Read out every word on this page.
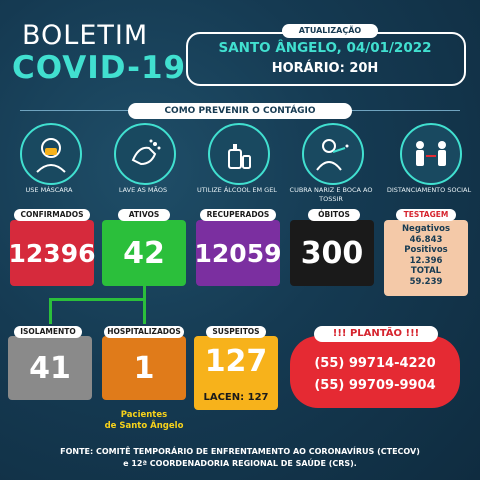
BOLETIM
COVID-19
ATUALIZAÇÃO
SANTO ÂNGELO, 04/01/2022
HORÁRIO: 20H
COMO PREVENIR O CONTÁGIO
USE MÁSCARA	LAVE AS MÃOS	UTILIZE ÁLCOOL EM GEL	CUBRA NARIZ E BOCA AO TOSSIR
DISTANCIAMENTO SOCIAL
12396
CONFIRMADOS
42
ATIVOS
12059
RECUPERADOS
300
ÓBITOS
Negativos
46.843
Positivos
12.396
TOTAL
59.239
TESTAGEM
41
ISOLAMENTO
1
HOSPITALIZADOS
Pacientes
de Santo Ângelo
127
LACEN: 127
SUSPEITOS
(55) 99714-4220
(55) 99709-9904
!!! PLANTÃO !!!
FONTE: COMITÊ TEMPORÁRIO DE ENFRENTAMENTO AO CORONAVÍRUS (CTECOV)
e 12ª COORDENADORIA REGIONAL DE SAÚDE (CRS).
